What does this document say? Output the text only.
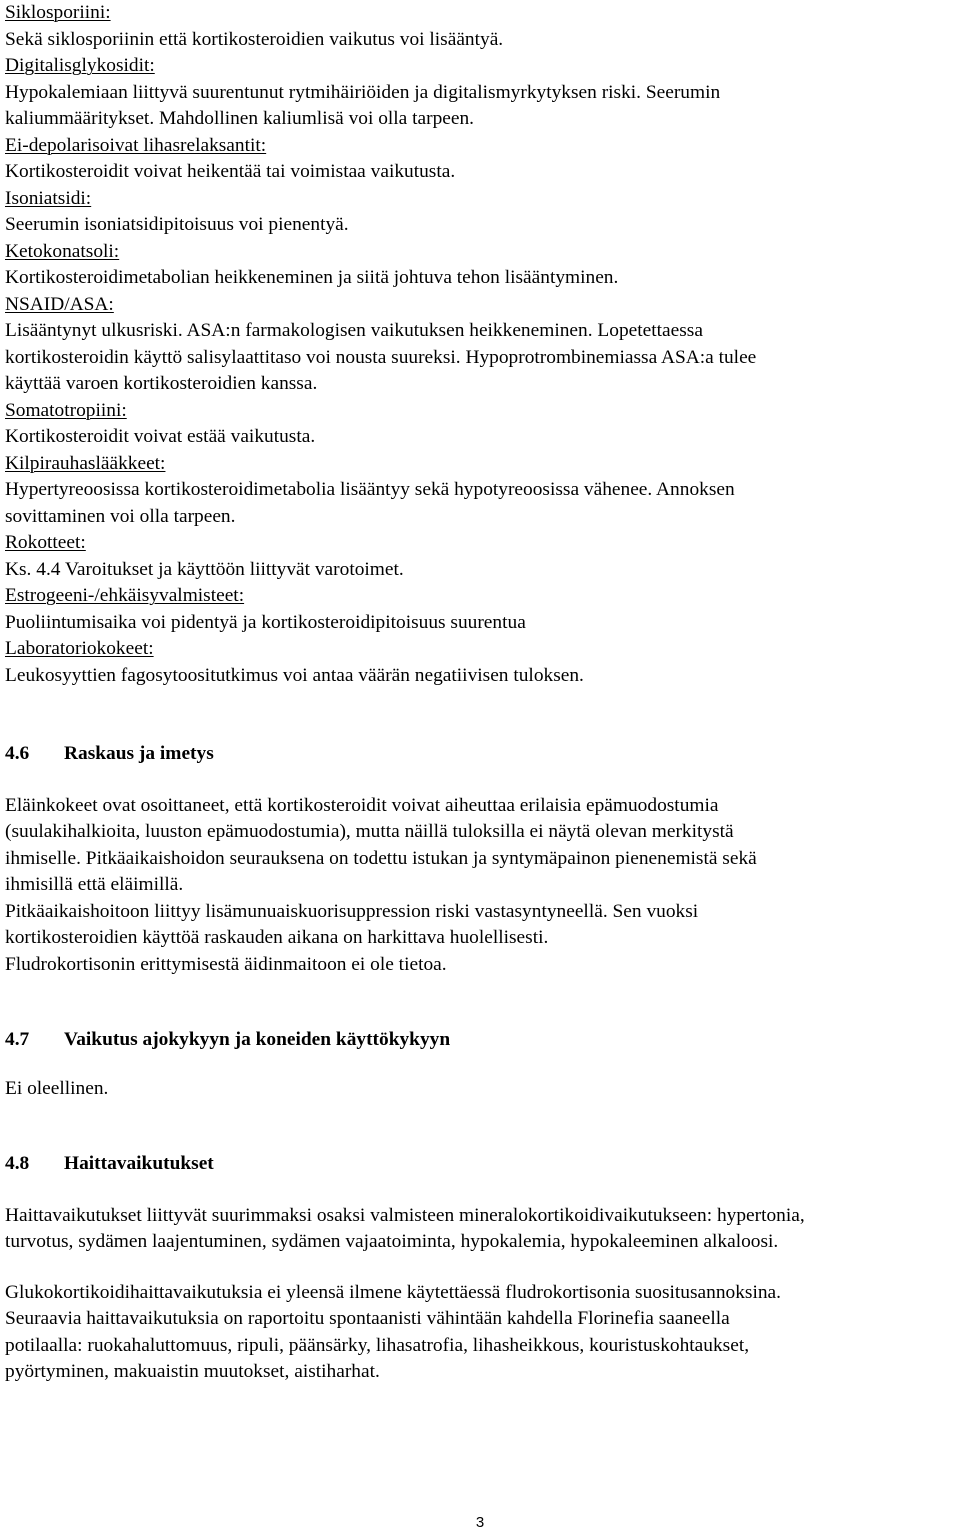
Siklosporiini:
Sekä siklosporiinin että kortikosteroidien vaikutus voi lisääntyä.
Digitalisglykosidit:
Hypokalemiaan liittyvä suurentunut rytmihäiriöiden ja digitalismyrkytyksen riski. Seerumin
kaliummääritykset. Mahdollinen kaliumlisä voi olla tarpeen.
Ei-depolarisoivat lihasrelaksantit:
Kortikosteroidit voivat heikentää tai voimistaa vaikutusta.
Isoniatsidi:
Seerumin isoniatsidipitoisuus voi pienentyä.
Ketokonatsoli:
Kortikosteroidimetabolian heikkeneminen ja siitä johtuva tehon lisääntyminen.
NSAID/ASA:
Lisääntynyt ulkusriski. ASA:n farmakologisen vaikutuksen heikkeneminen. Lopetettaessa
kortikosteroidin käyttö salisylaattitaso voi nousta suureksi. Hypoprotrombinemiassa ASA:a tulee
käyttää varoen kortikosteroidien kanssa.
Somatotropiini:
Kortikosteroidit voivat estää vaikutusta.
Kilpirauhaslääkkeet:
Hypertyreoosissa kortikosteroidimetabolia lisääntyy sekä hypotyreoosissa vähenee. Annoksen
sovittaminen voi olla tarpeen.
Rokotteet:
Ks. 4.4 Varoitukset ja käyttöön liittyvät varotoimet.
Estrogeeni-/ehkäisyvalmisteet:
Puoliintumisaika voi pidentyä ja kortikosteroidipitoisuus suurentua
Laboratoriokokeet:
Leukosyyttien fagosytoositutkimus voi antaa väärän negatiivisen tuloksen.
4.6 Raskaus ja imetys
Eläinkokeet ovat osoittaneet, että kortikosteroidit voivat aiheuttaa erilaisia epämuodostumia
(suulakihalkioita, luuston epämuodostumia), mutta näillä tuloksilla ei näytä olevan merkitystä
ihmiselle. Pitkäaikaishoidon seurauksena on todettu istukan ja syntymäpainon pienenemistä sekä
ihmisillä että eläimillä.
Pitkäaikaishoitoon liittyy lisämunuaiskuorisuppression riski vastasyntyneellä. Sen vuoksi
kortikosteroidien käyttöä raskauden aikana on harkittava huolellisesti.
Fludrokortisonin erittymisestä äidinmaitoon ei ole tietoa.
4.7 Vaikutus ajokykyyn ja koneiden käyttökykyyn
Ei oleellinen.
4.8 Haittavaikutukset
Haittavaikutukset liittyvät suurimmaksi osaksi valmisteen mineralokortikoidivaikutukseen: hypertonia,
turvotus, sydämen laajentuminen, sydämen vajaatoiminta, hypokalemia, hypokaleeminen alkaloosi.
Glukokortikoidihaittavaikutuksia ei yleensä ilmene käytettäessä fludrokortisonia suositusannoksina.
Seuraavia haittavaikutuksia on raportoitu spontaanisti vähintään kahdella Florinefia saaneella
potilaalla: ruokahaluttomuus, ripuli, päänsärky, lihasatrofia, lihasheikkous, kouristuskohtaukset,
pyörtyminen, makuaistin muutokset, aistiharhat.
3
